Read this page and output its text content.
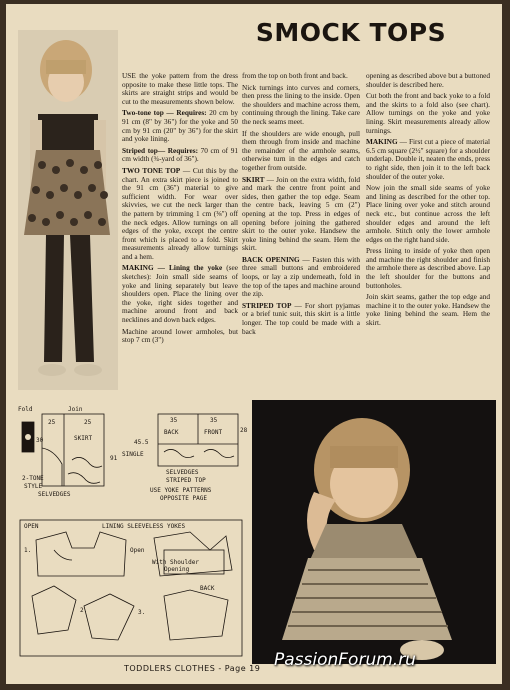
SMOCK TOPS

USE the yoke pattern from the dress opposite to make these little tops. The skirts are straight strips and would be cut to the measurements shown below.

Two-tone top — Requires: 20 cm by 91 cm (8" by 36") for the yoke and 50 cm by 91 cm (20" by 36") for the skirt and yoke lining.

Striped top— Requires: 70 cm of 91 cm width (¾-yard of 36").

TWO TONE TOP — Cut this by the chart. An extra skirt piece is joined to the 91 cm (36") material to give sufficient width. For wear over skivvies, we cut the neck larger than the pattern by trimming 1 cm (⅜") off the neck edges. Allow turnings on all edges of the yoke, except the centre front which is placed to a fold. Skirt measurements already allow turnings and a hem.

MAKING — Lining the yoke (see sketches): Join small side seams of yoke and lining separately but leave shoulders open. Place the lining over the yoke, right sides together and machine around front and back necklines and down back edges.

Machine around lower armholes, but stop 7 cm (3")

from the top on both front and back.

Nick turnings into curves and corners, then press the lining to the inside. Open the shoulders and machine across them, continuing through the lining. Take care the neck seams meet.

If the shoulders are wide enough, pull them through from inside and machine the remainder of the armhole seams, otherwise turn in the edges and catch together from outside.

SKIRT — Join on the extra width, fold and mark the centre front point and sides, then gather the top edge. Seam the centre back, leaving 5 cm (2") opening at the top. Press in edges of opening before joining the gathered skirt to the outer yoke. Handsew the yoke lining behind the seam. Hem the skirt.

BACK OPENING — Fasten this with three small buttons and embroidered loops, or lay a zip underneath, fold in the top of the tapes and machine around the zip.

STRIPED TOP — For short pyjamas or a brief tunic suit, this skirt is a little longer. The top could be made with a back

opening as described above but a buttoned shoulder is described here.

Cut both the front and back yoke to a fold and the skirts to a fold also (see chart). Allow turnings on the yoke and yoke lining. Skirt measurements already allow turnings.

MAKING — First cut a piece of material 6.5 cm square (2½" square) for a shoulder underlap. Double it, neaten the ends, press to right side, then join it to the left back shoulder of the outer yoke.

Now join the small side seams of yoke and lining as described for the other top. Place lining over yoke and stitch around neck etc., but continue across the left shoulder edges and around the left armhole. Stitch only the lower armhole edges on the right hand side.

Press lining to inside of yoke then open and machine the right shoulder and finish the armhole there as described above. Lap the left shoulder for the buttons and buttonholes.

Join skirt seams, gather the top edge and machine it to the outer yoke. Handsew the yoke lining behind the seam. Hem the skirt.

Fold	Join
25	25
30	SKIRT
91
SINGLE
SELVEDGES
2-TONE
STYLE
35	35
45.5
28
BACK	FRONT
SELVEDGES
STRIPED TOP
USE YOKE PATTERNS
OPPOSITE PAGE
OPEN	LINING SLEEVELESS YOKES
Open
With Shoulder
Opening
BACK
1.
2.	3.
TODDLERS CLOTHES - Page 19 PassionForum.ru
